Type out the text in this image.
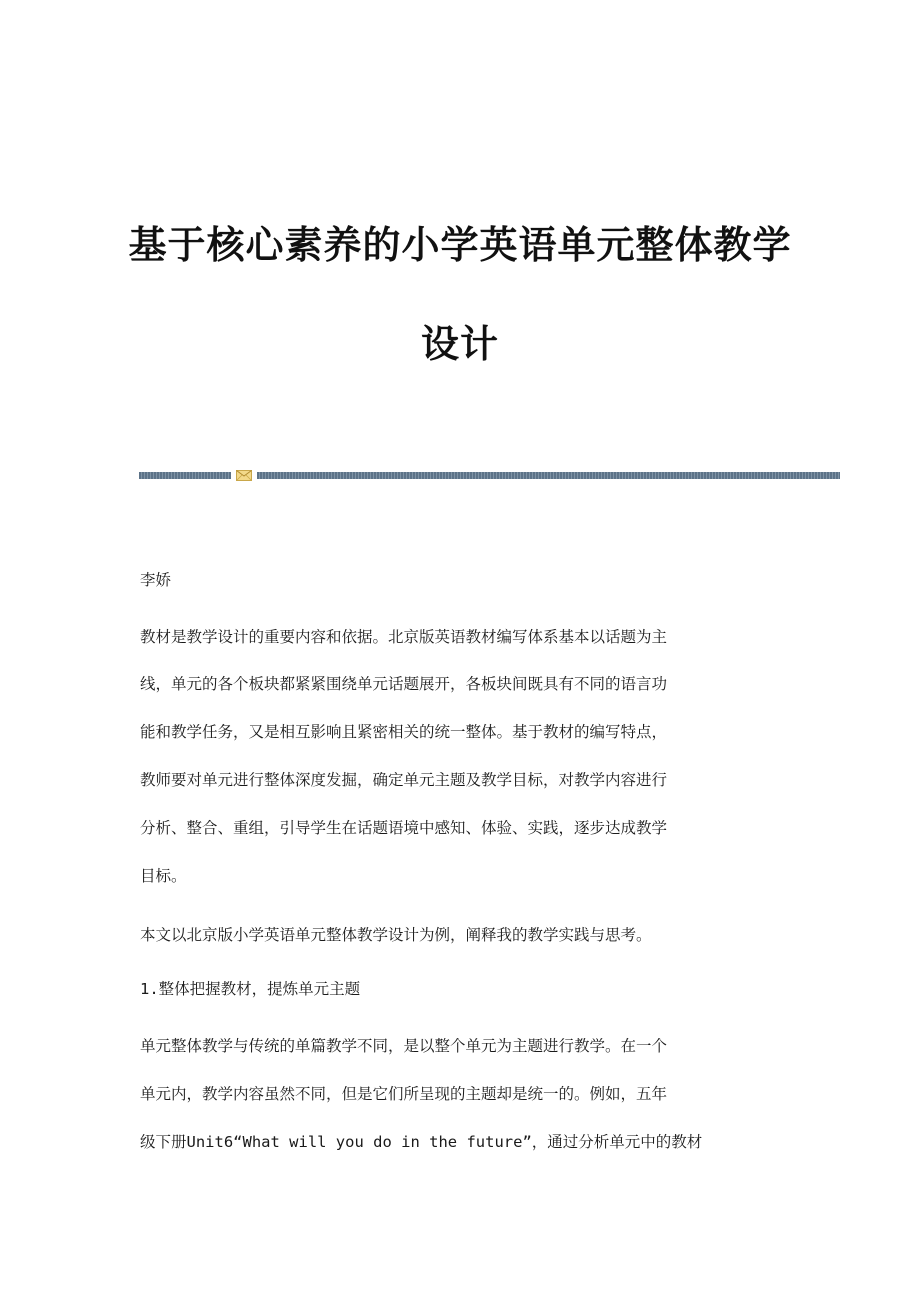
基于核心素养的小学英语单元整体教学
设计

李娇

教材是教学设计的重要内容和依据。北京版英语教材编写体系基本以话题为主

线，单元的各个板块都紧紧围绕单元话题展开，各板块间既具有不同的语言功

能和教学任务，又是相互影响且紧密相关的统一整体。基于教材的编写特点，

教师要对单元进行整体深度发掘，确定单元主题及教学目标，对教学内容进行

分析、整合、重组，引导学生在话题语境中感知、体验、实践，逐步达成教学

目标。

本文以北京版小学英语单元整体教学设计为例，阐释我的教学实践与思考。

1.整体把握教材，提炼单元主题

单元整体教学与传统的单篇教学不同，是以整个单元为主题进行教学。在一个

单元内，教学内容虽然不同，但是它们所呈现的主题却是统一的。例如，五年

级下册Unit6“What will you do in the future”，通过分析单元中的教材
